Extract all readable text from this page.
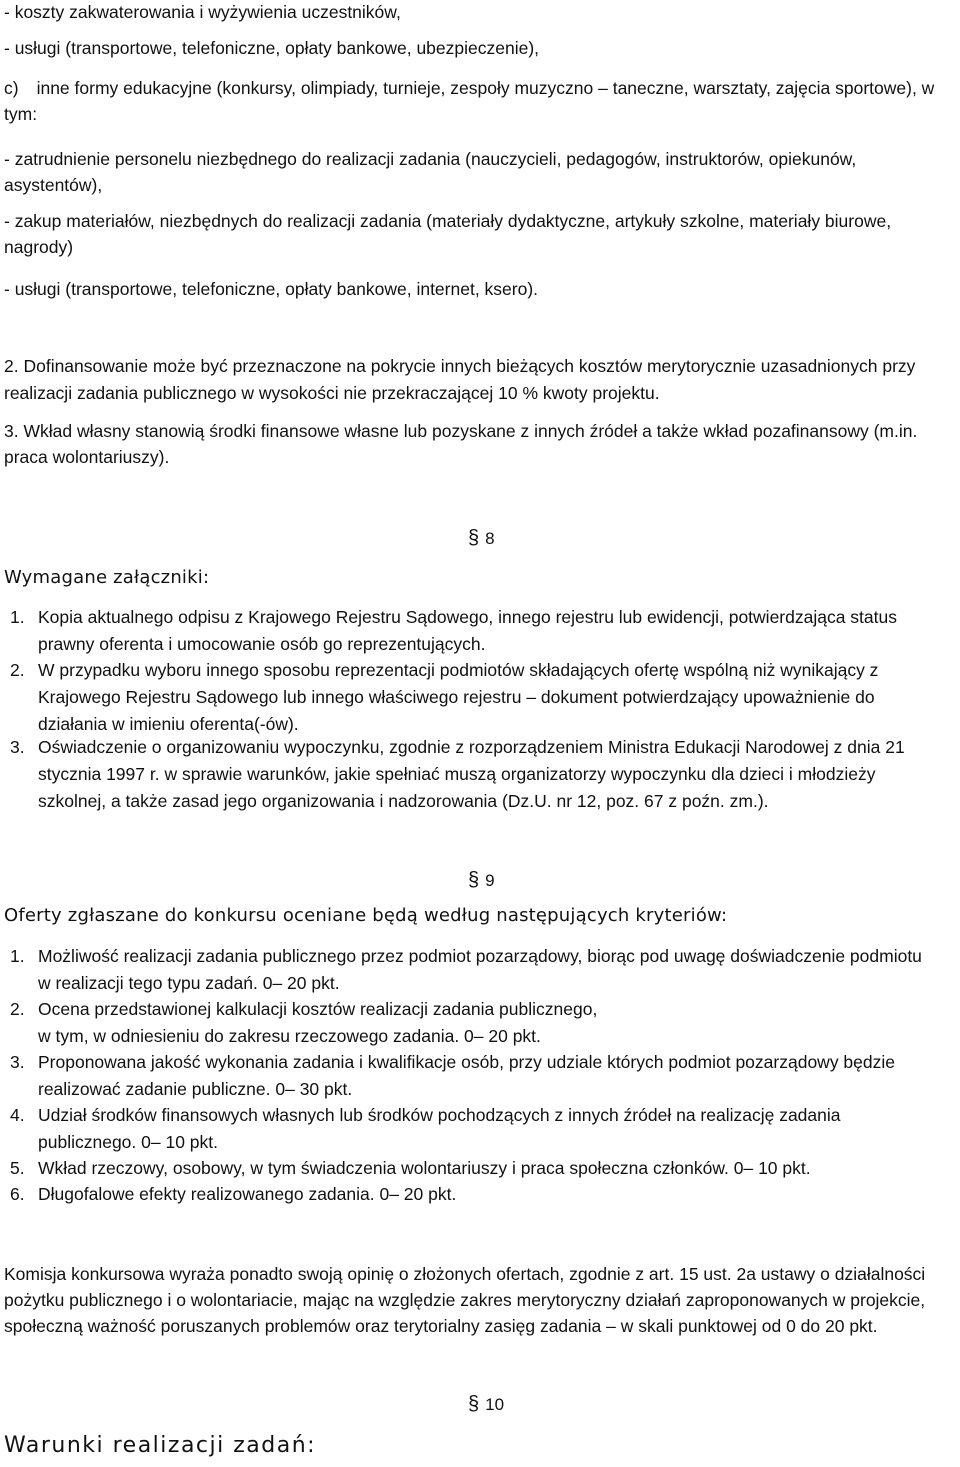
- koszty zakwaterowania i wyżywienia uczestników,
- usługi (transportowe, telefoniczne, opłaty bankowe, ubezpieczenie),
c) inne formy edukacyjne (konkursy, olimpiady, turnieje, zespoły muzyczno – taneczne, warsztaty, zajęcia sportowe), w
tym:
- zatrudnienie personelu niezbędnego do realizacji zadania (nauczycieli, pedagogów, instruktorów, opiekunów,
asystentów),
- zakup materiałów, niezbędnych do realizacji zadania (materiały dydaktyczne, artykuły szkolne, materiały biurowe,
nagrody)
- usługi (transportowe, telefoniczne, opłaty bankowe, internet, ksero).
2. Dofinansowanie może być przeznaczone na pokrycie innych bieżących kosztów merytorycznie uzasadnionych przy
realizacji zadania publicznego w wysokości nie przekraczającej 10 % kwoty projektu.
3. Wkład własny stanowią środki finansowe własne lub pozyskane z innych źródeł a także wkład pozafinansowy (m.in.
praca wolontariuszy).
§ 8
Wymagane załączniki:
1. Kopia aktualnego odpisu z Krajowego Rejestru Sądowego, innego rejestru lub ewidencji, potwierdzająca status
prawny oferenta i umocowanie osób go reprezentujących.
2. W przypadku wyboru innego sposobu reprezentacji podmiotów składających ofertę wspólną niż wynikający z
Krajowego Rejestru Sądowego lub innego właściwego rejestru – dokument potwierdzający upoważnienie do
działania w imieniu oferenta(-ów).
3. Oświadczenie o organizowaniu wypoczynku, zgodnie z rozporządzeniem Ministra Edukacji Narodowej z dnia 21
stycznia 1997 r. w sprawie warunków, jakie spełniać muszą organizatorzy wypoczynku dla dzieci i młodzieży
szkolnej, a także zasad jego organizowania i nadzorowania (Dz.U. nr 12, poz. 67 z poźn. zm.).
§ 9
Oferty zgłaszane do konkursu oceniane będą według następujących kryteriów:
1. Możliwość realizacji zadania publicznego przez podmiot pozarządowy, biorąc pod uwagę doświadczenie podmiotu
w realizacji tego typu zadań. 0– 20 pkt.
2. Ocena przedstawionej kalkulacji kosztów realizacji zadania publicznego,
w tym, w odniesieniu do zakresu rzeczowego zadania. 0– 20 pkt.
3. Proponowana jakość wykonania zadania i kwalifikacje osób, przy udziale których podmiot pozarządowy będzie
realizować zadanie publiczne. 0– 30 pkt.
4. Udział środków finansowych własnych lub środków pochodzących z innych źródeł na realizację zadania
publicznego. 0– 10 pkt.
5. Wkład rzeczowy, osobowy, w tym świadczenia wolontariuszy i praca społeczna członków. 0– 10 pkt.
6. Długofalowe efekty realizowanego zadania. 0– 20 pkt.
Komisja konkursowa wyraża ponadto swoją opinię o złożonych ofertach, zgodnie z art. 15 ust. 2a ustawy o działalności
pożytku publicznego i o wolontariacie, mając na względzie zakres merytoryczny działań zaproponowanych w projekcie,
społeczną ważność poruszanych problemów oraz terytorialny zasięg zadania – w skali punktowej od 0 do 20 pkt.
§ 10
Warunki realizacji zadań:
